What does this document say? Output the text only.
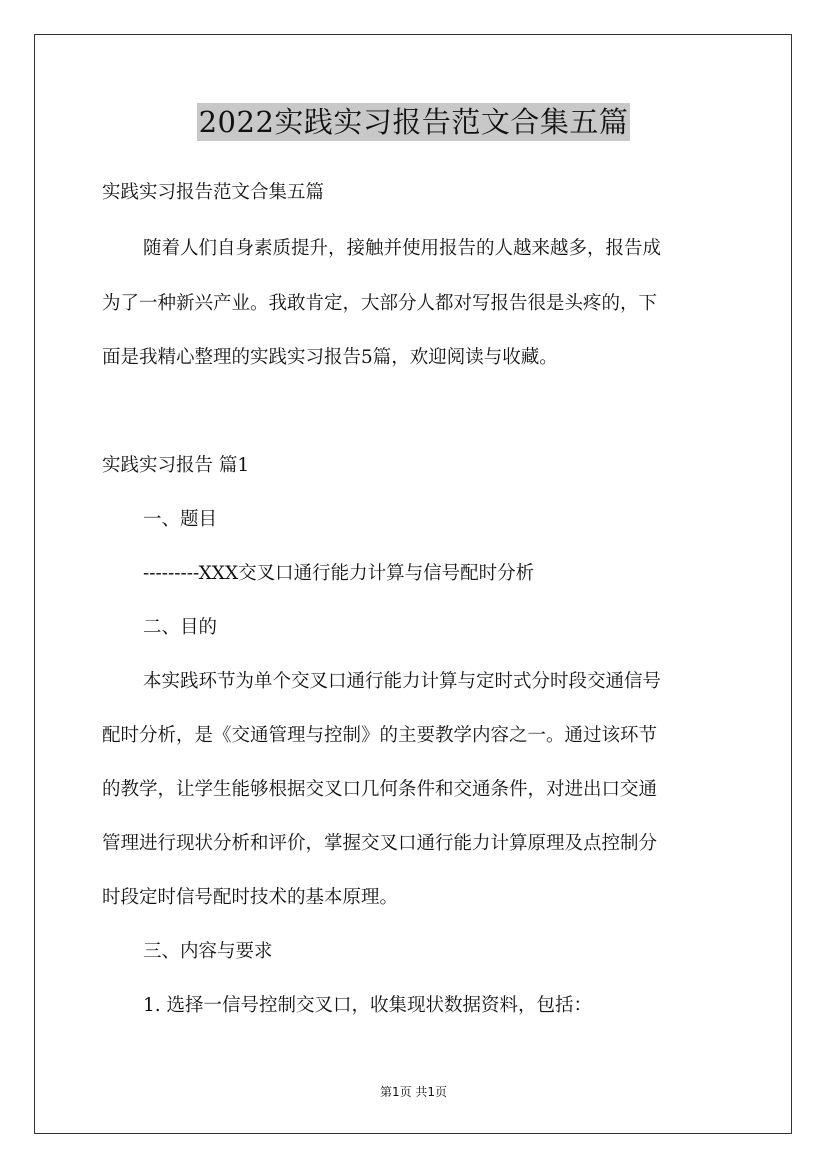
2022实践实习报告范文合集五篇
实践实习报告范文合集五篇
随着人们自身素质提升，接触并使用报告的人越来越多，报告成
为了一种新兴产业。我敢肯定，大部分人都对写报告很是头疼的，下
面是我精心整理的实践实习报告5篇，欢迎阅读与收藏。
实践实习报告 篇1
一、题目
---------XXX交叉口通行能力计算与信号配时分析
二、目的
本实践环节为单个交叉口通行能力计算与定时式分时段交通信号
配时分析，是《交通管理与控制》的主要教学内容之一。通过该环节
的教学，让学生能够根据交叉口几何条件和交通条件，对进出口交通
管理进行现状分析和评价，掌握交叉口通行能力计算原理及点控制分
时段定时信号配时技术的基本原理。
三、内容与要求
1. 选择一信号控制交叉口，收集现状数据资料，包括：
第1页 共1页
